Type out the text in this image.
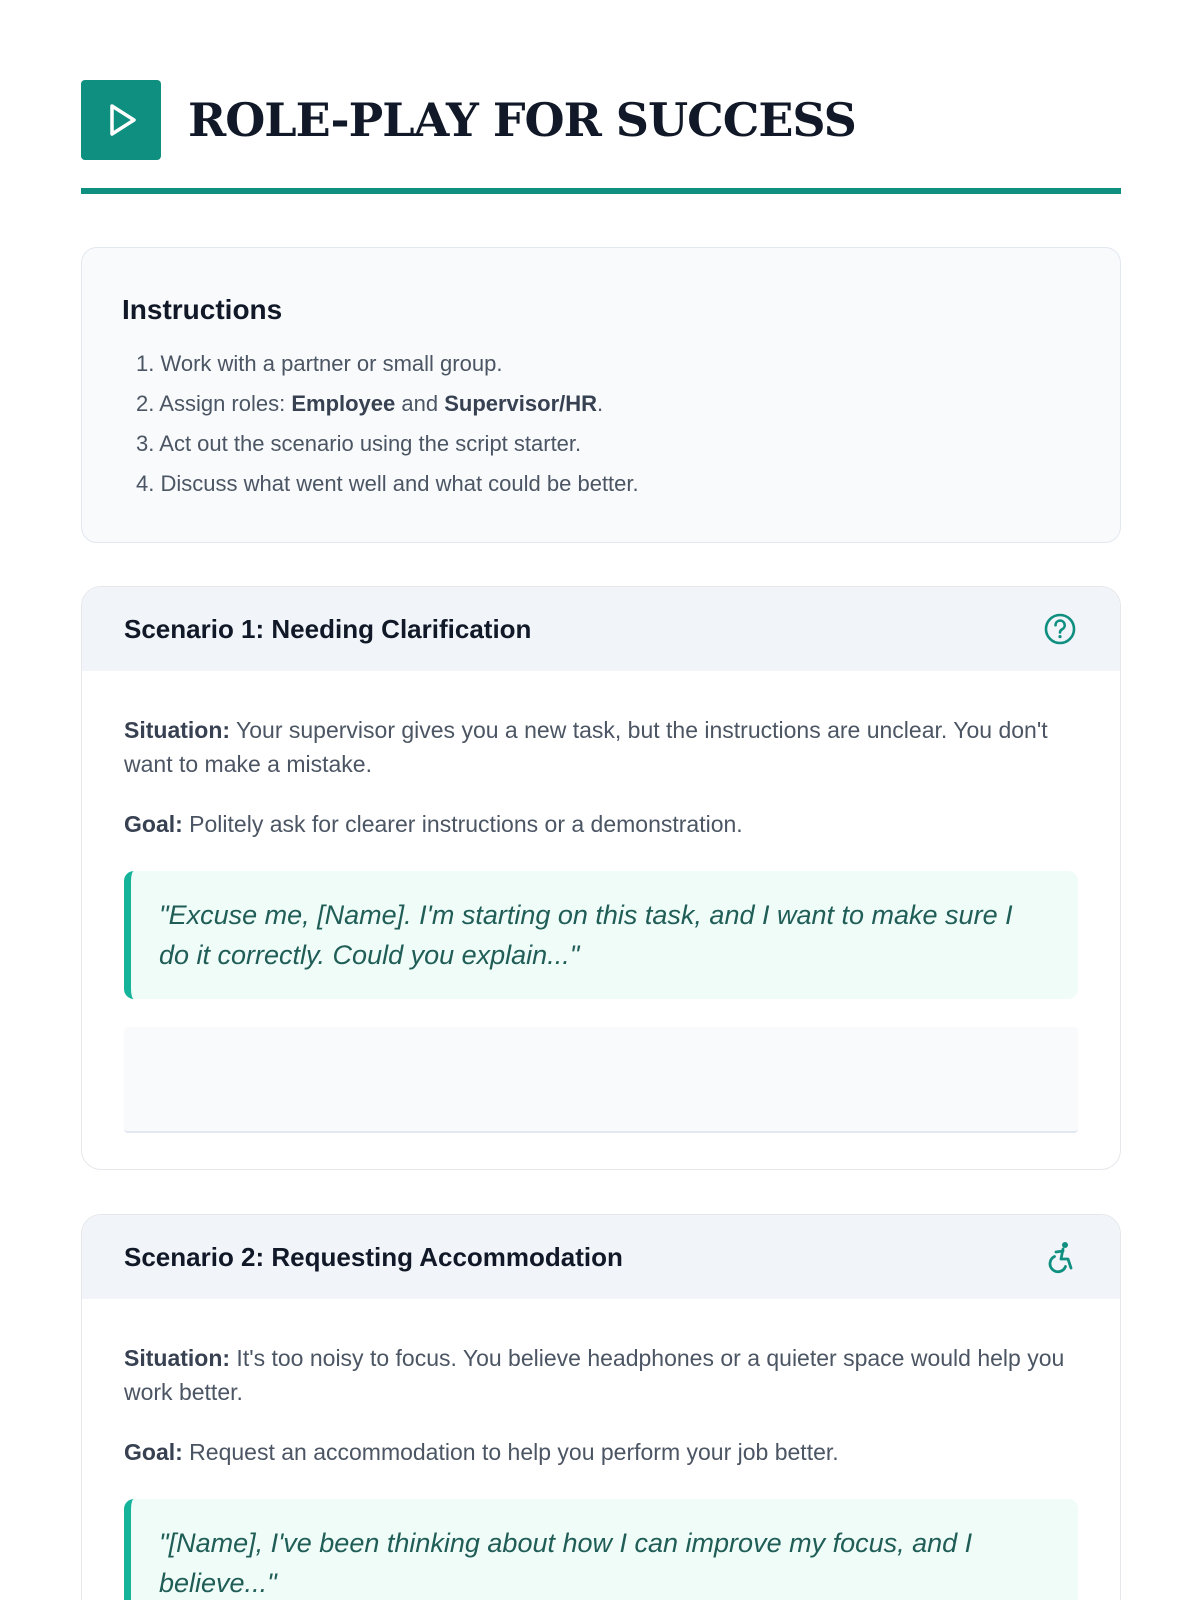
ROLE-PLAY FOR SUCCESS
Instructions
1. Work with a partner or small group.
2. Assign roles: Employee and Supervisor/HR.
3. Act out the scenario using the script starter.
4. Discuss what went well and what could be better.
Scenario 1: Needing Clarification

Situation: Your supervisor gives you a new task, but the instructions are unclear. You don't want to make a mistake.

Goal: Politely ask for clearer instructions or a demonstration.

"Excuse me, [Name]. I'm starting on this task, and I want to make sure I do it correctly. Could you explain..."
Scenario 2: Requesting Accommodation

Situation: It's too noisy to focus. You believe headphones or a quieter space would help you work better.

Goal: Request an accommodation to help you perform your job better.

"[Name], I've been thinking about how I can improve my focus, and I believe..."
